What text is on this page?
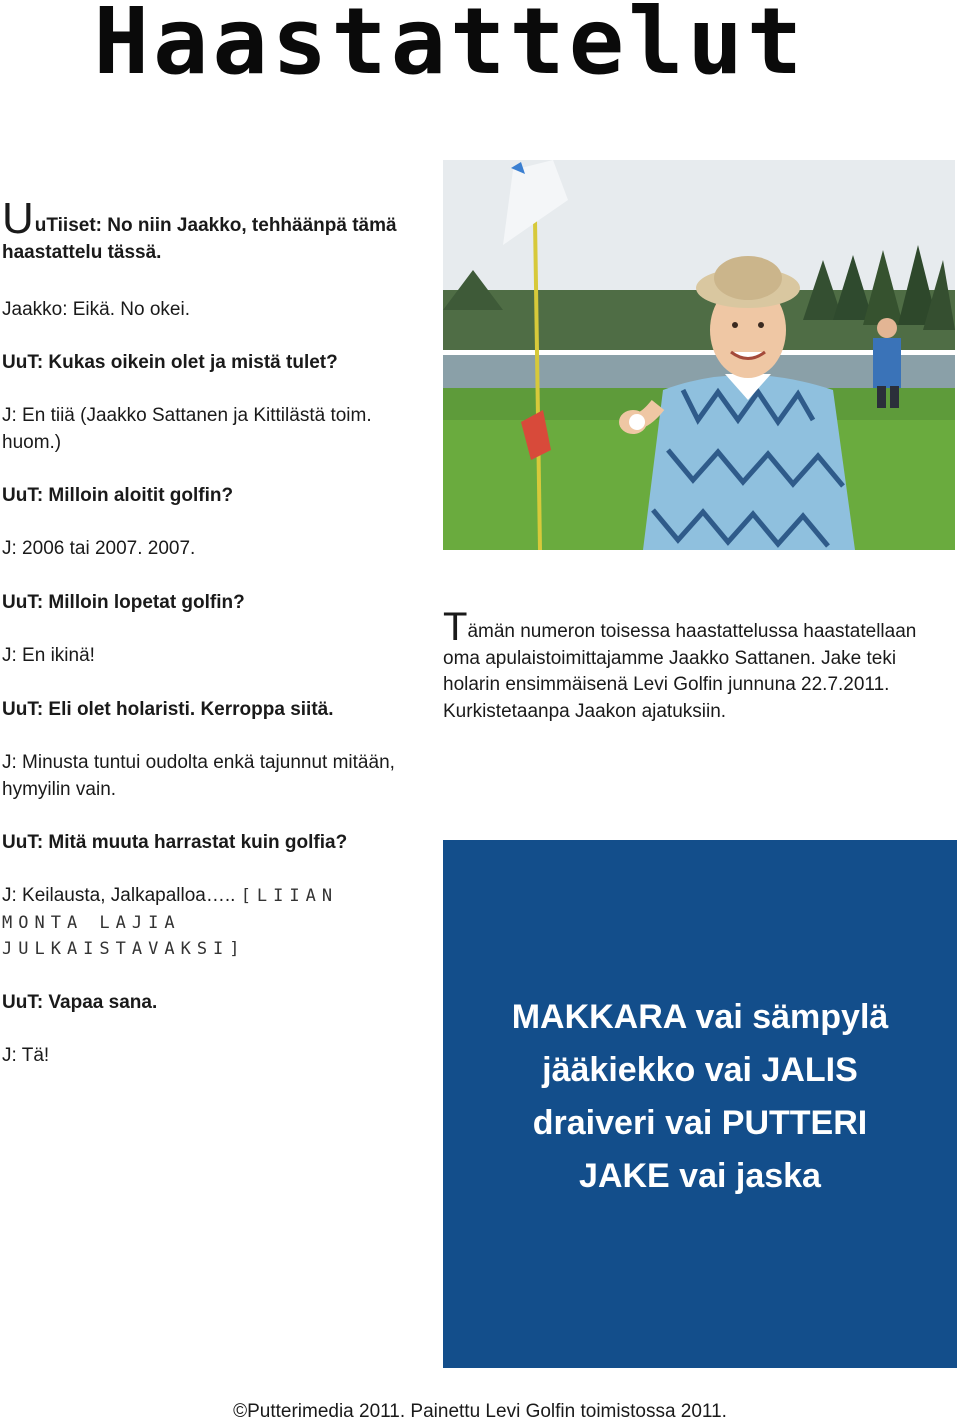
Haastattelut
UuTiiset: No niin Jaakko, tehhäänpä tämä haastattelu tässä.
Jaakko: Eikä. No okei.
UuT: Kukas oikein olet ja mistä tulet?
J: En tiiä (Jaakko Sattanen ja Kittilästä toim. huom.)
UuT: Milloin aloitit golfin?
J: 2006 tai 2007. 2007.
UuT: Milloin lopetat golfin?
J: En ikinä!
UuT: Eli olet holaristi. Kerroppa siitä.
J: Minusta tuntui oudolta enkä tajunnut mitään, hymyilin vain.
UuT: Mitä muuta harrastat kuin golfia?
J: Keilausta, Jalkapalloa….. [LIIAN MONTA LAJIA JULKAISTAVAKSI]
UuT: Vapaa sana.
J: Tä!
Tämän numeron toisessa haastattelussa haastatellaan oma apulaistoimittajamme Jaakko Sattanen. Jake teki holarin ensimmäisenä Levi Golfin junnuna 22.7.2011. Kurkistetaanpa Jaakon ajatuksiin.
MAKKARA vai sämpylä
jääkiekko vai JALIS
draiveri vai PUTTERI
JAKE vai jaska
©Putterimedia 2011. Painettu Levi Golfin toimistossa 2011.
